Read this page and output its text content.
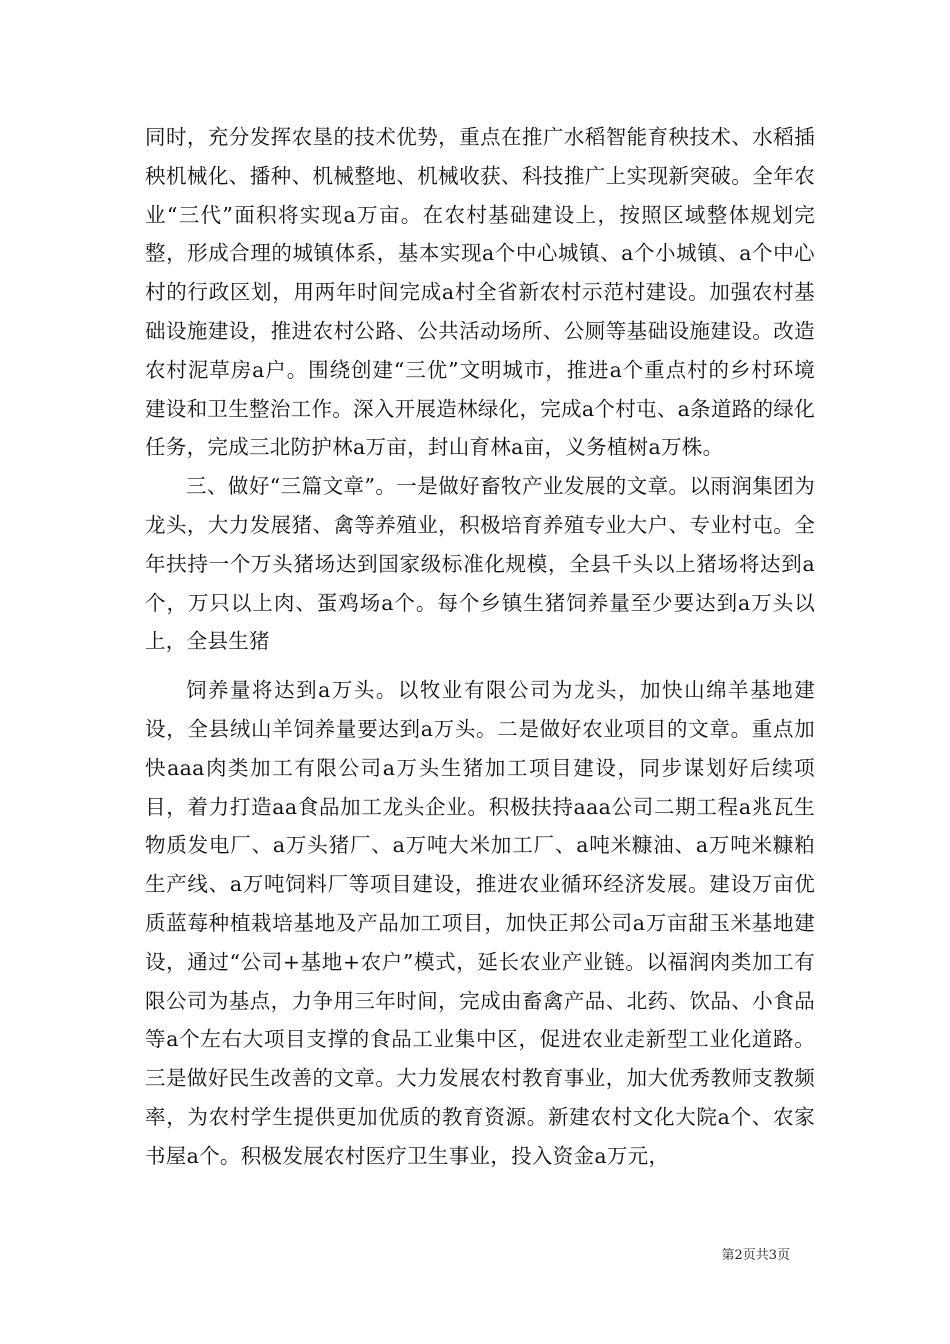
同时，充分发挥农垦的技术优势，重点在推广水稻智能育秧技术、水稻插秧机械化、播种、机械整地、机械收获、科技推广上实现新突破。全年农业“三代”面积将实现a万亩。在农村基础建设上，按照区域整体规划完整，形成合理的城镇体系，基本实现a个中心城镇、a个小城镇、a个中心村的行政区划，用两年时间完成a村全省新农村示范村建设。加强农村基础设施建设，推进农村公路、公共活动场所、公厕等基础设施建设。改造农村泥草房a户。围绕创建“三优”文明城市，推进a个重点村的乡村环境建设和卫生整治工作。深入开展造林绿化，完成a个村屯、a条道路的绿化任务，完成三北防护林a万亩，封山育林a亩，义务植树a万株。

三、做好“三篇文章”。一是做好畜牧产业发展的文章。以雨润集团为龙头，大力发展猪、禽等养殖业，积极培育养殖专业大户、专业村屯。全年扶持一个万头猪场达到国家级标准化规模，全县千头以上猪场将达到a个，万只以上肉、蛋鸡场a个。每个乡镇生猪饲养量至少要达到a万头以上，全县生猪

饲养量将达到a万头。以牧业有限公司为龙头，加快山绵羊基地建设，全县绒山羊饲养量要达到a万头。二是做好农业项目的文章。重点加快aaa肉类加工有限公司a万头生猪加工项目建设，同步谋划好后续项目，着力打造aa食品加工龙头企业。积极扶持aaa公司二期工程a兆瓦生物质发电厂、a万头猪厂、a万吨大米加工厂、a吨米糠油、a万吨米糠粕生产线、a万吨饲料厂等项目建设，推进农业循环经济发展。建设万亩优质蓝莓种植栽培基地及产品加工项目，加快正邦公司a万亩甜玉米基地建设，通过“公司+基地+农户”模式，延长农业产业链。以福润肉类加工有限公司为基点，力争用三年时间，完成由畜禽产品、北药、饮品、小食品等a个左右大项目支撑的食品工业集中区，促进农业走新型工业化道路。三是做好民生改善的文章。大力发展农村教育事业，加大优秀教师支教频率，为农村学生提供更加优质的教育资源。新建农村文化大院a个、农家书屋a个。积极发展农村医疗卫生事业，投入资金a万元，

第2页共3页
